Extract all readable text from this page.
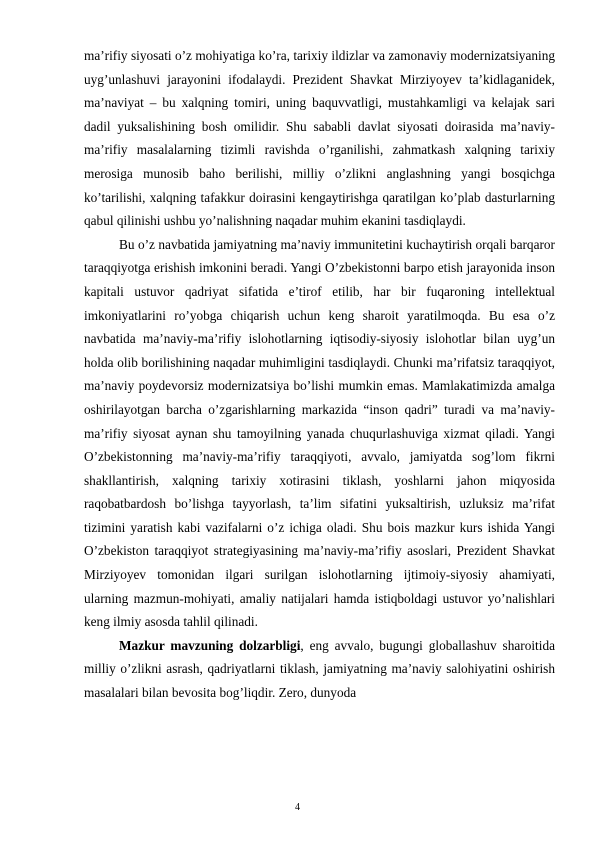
ma’rifiy siyosati o’z mohiyatiga ko’ra, tarixiy ildizlar va zamonaviy modernizatsiyaning uyg’unlashuvi jarayonini ifodalaydi. Prezident Shavkat Mirziyoyev ta’kidlaganidek, ma’naviyat – bu xalqning tomiri, uning baquvvatligi, mustahkamligi va kelajak sari dadil yuksalishining bosh omilidir. Shu sababli davlat siyosati doirasida ma’naviy-ma’rifiy masalalarning tizimli ravishda o’rganilishi, zahmatkash xalqning tarixiy merosiga munosib baho berilishi, milliy o’zlikni anglashning yangi bosqichga ko’tarilishi, xalqning tafakkur doirasini kengaytirishga qaratilgan ko’plab dasturlarning qabul qilinishi ushbu yo’nalishning naqadar muhim ekanini tasdiqlaydi.

Bu o’z navbatida jamiyatning ma’naviy immunitetini kuchaytirish orqali barqaror taraqqiyotga erishish imkonini beradi. Yangi O’zbekistonni barpo etish jarayonida inson kapitali ustuvor qadriyat sifatida e’tirof etilib, har bir fuqaroning intellektual imkoniyatlarini ro’yobga chiqarish uchun keng sharoit yaratilmoqda. Bu esa o’z navbatida ma’naviy-ma’rifiy islohotlarning iqtisodiy-siyosiy islohotlar bilan uyg’un holda olib borilishining naqadar muhimligini tasdiqlaydi. Chunki ma’rifatsiz taraqqiyot, ma’naviy poydevorsiz modernizatsiya bo’lishi mumkin emas. Mamlakatimizda amalga oshirilayotgan barcha o’zgarishlarning markazida “inson qadri” turadi va ma’naviy-ma’rifiy siyosat aynan shu tamoyilning yanada chuqurlashuviga xizmat qiladi. Yangi O’zbekistonning ma’naviy-ma’rifiy taraqqiyoti, avvalo, jamiyatda sog’lom fikrni shakllantirish, xalqning tarixiy xotirasini tiklash, yoshlarni jahon miqyosida raqobatbardosh bo’lishga tayyorlash, ta’lim sifatini yuksaltirish, uzluksiz ma’rifat tizimini yaratish kabi vazifalarni o’z ichiga oladi. Shu bois mazkur kurs ishida Yangi O’zbekiston taraqqiyot strategiyasining ma’naviy-ma’rifiy asoslari, Prezident Shavkat Mirziyoyev tomonidan ilgari surilgan islohotlarning ijtimoiy-siyosiy ahamiyati, ularning mazmun-mohiyati, amaliy natijalari hamda istiqboldagi ustuvor yo’nalishlari keng ilmiy asosda tahlil qilinadi.

Mazkur mavzuning dolzarbligi, eng avvalo, bugungi globallashuv sharoitida milliy o’zlikni asrash, qadriyatlarni tiklash, jamiyatning ma’naviy salohiyatini oshirish masalalari bilan bevosita bog’liqdir. Zero, dunyoda

4
